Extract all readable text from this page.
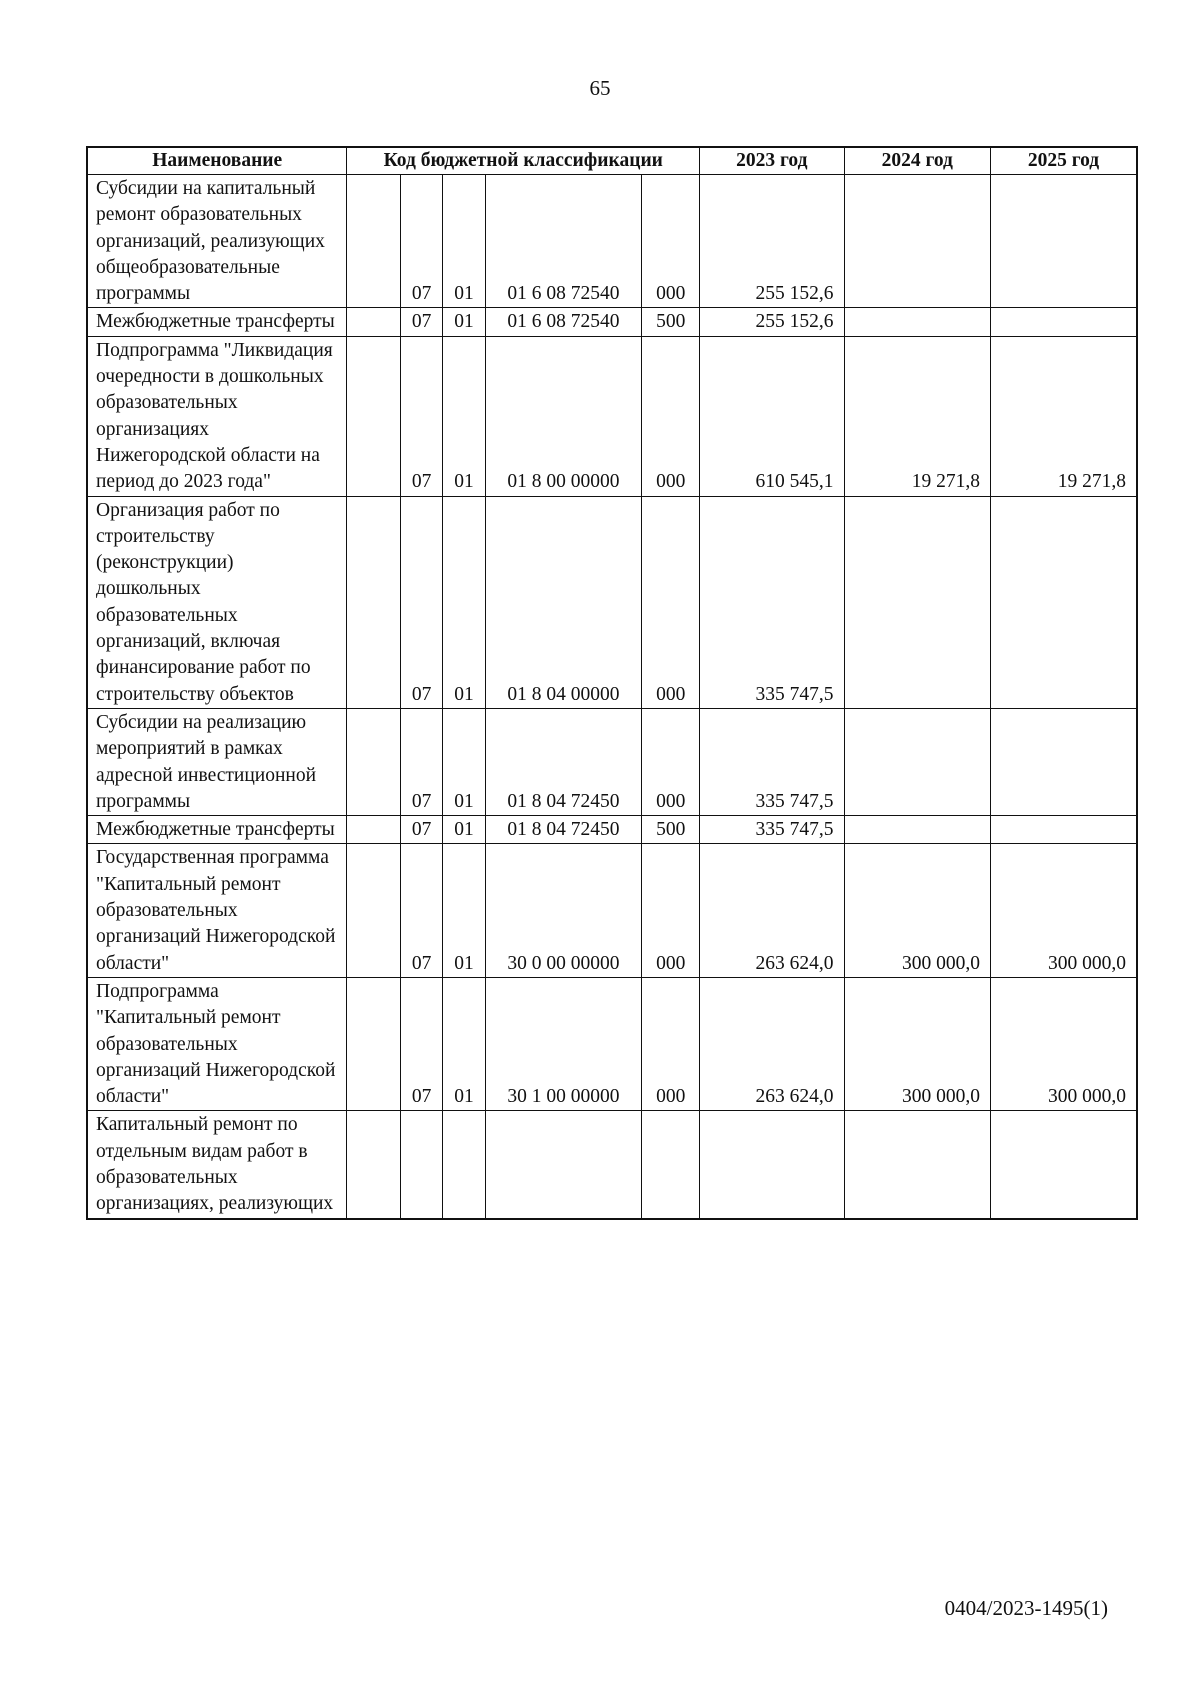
65
Наименование	Код бюджетной классификации					2023 год	2024 год	2025 год
Субсидии на капитальный ремонт образовательных организаций, реализующих общеобразовательные программы		07	01	01 6 08 72540	000	255 152,6		
Межбюджетные трансферты		07	01	01 6 08 72540	500	255 152,6		
Подпрограмма "Ликвидация очередности в дошкольных образовательных организациях Нижегородской области на период до 2023 года"		07	01	01 8 00 00000	000	610 545,1	19 271,8	19 271,8
Организация работ по строительству (реконструкции) дошкольных образовательных организаций, включая финансирование работ по строительству объектов		07	01	01 8 04 00000	000	335 747,5		
Субсидии на реализацию мероприятий в рамках адресной инвестиционной программы		07	01	01 8 04 72450	000	335 747,5		
Межбюджетные трансферты		07	01	01 8 04 72450	500	335 747,5		
Государственная программа "Капитальный ремонт образовательных организаций Нижегородской области"		07	01	30 0 00 00000	000	263 624,0	300 000,0	300 000,0
Подпрограмма "Капитальный ремонт образовательных организаций Нижегородской области"		07	01	30 1 00 00000	000	263 624,0	300 000,0	300 000,0
Капитальный ремонт по отдельным видам работ в образовательных организациях, реализующих								
0404/2023-1495(1)
